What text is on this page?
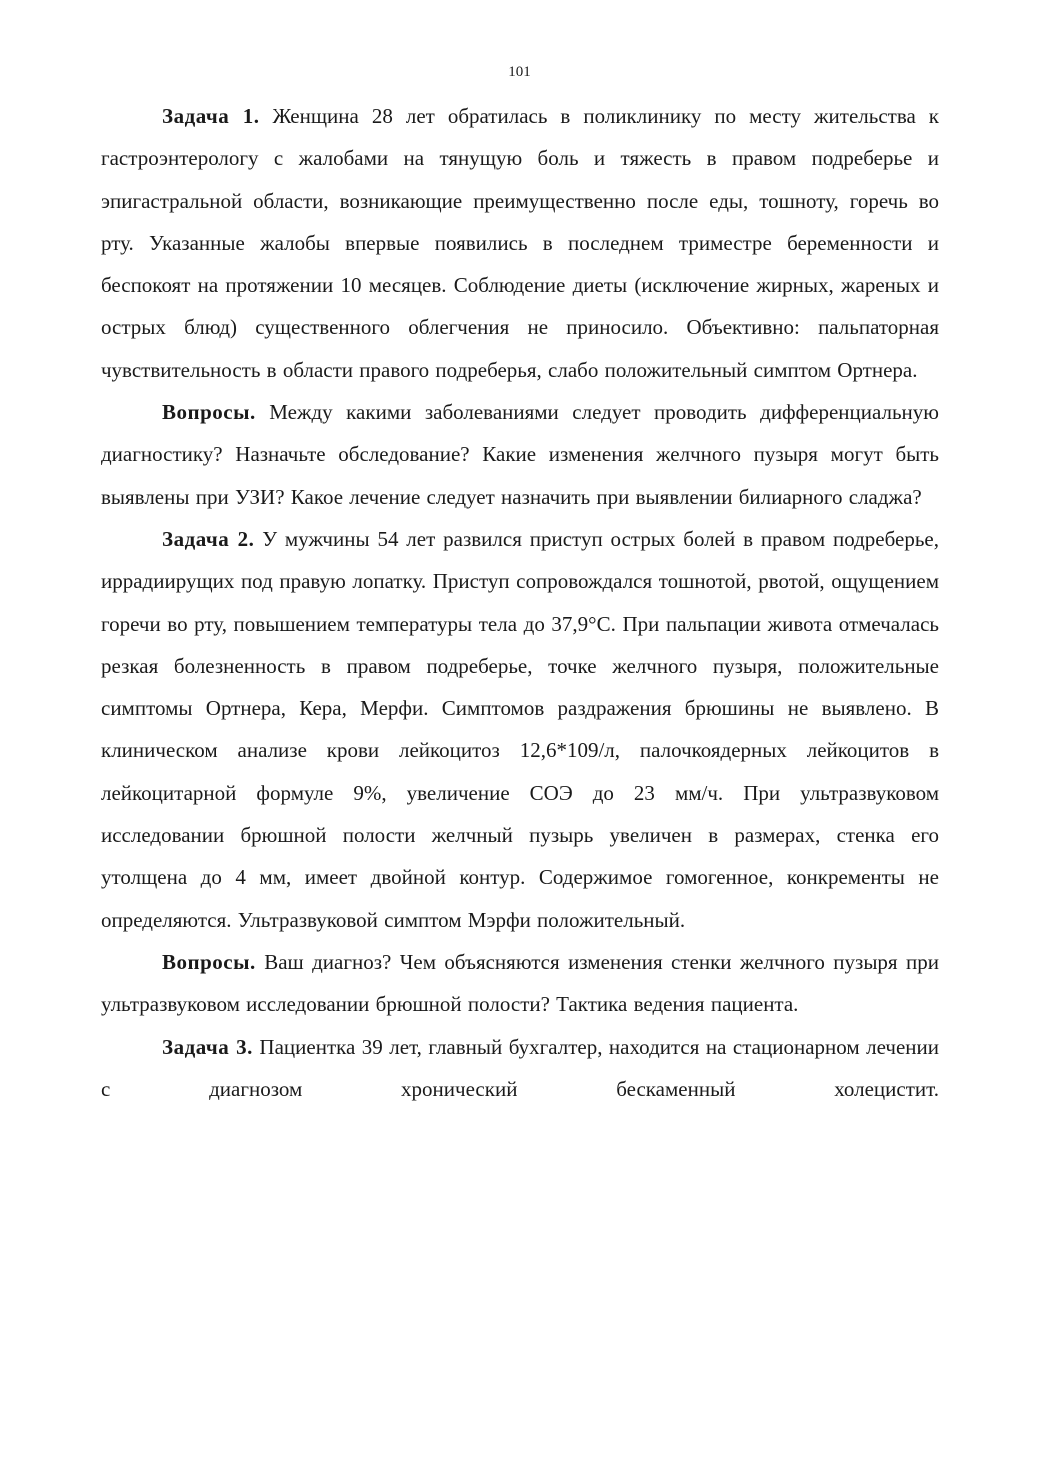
101

Задача 1. Женщина 28 лет обратилась в поликлинику по месту жительства к гастроэнтерологу с жалобами на тянущую боль и тяжесть в правом подреберье и эпигастральной области, возникающие преимущественно после еды, тошноту, горечь во рту. Указанные жалобы впервые появились в последнем триместре беременности и беспокоят на протяжении 10 месяцев. Соблюдение диеты (исключение жирных, жареных и острых блюд) существенного облегчения не приносило. Объективно: пальпаторная чувствительность в области правого подреберья, слабо положительный симптом Ортнера.

Вопросы. Между какими заболеваниями следует проводить дифференциальную диагностику? Назначьте обследование? Какие изменения желчного пузыря могут быть выявлены при УЗИ? Какое лечение следует назначить при выявлении билиарного сладжа?

Задача 2. У мужчины 54 лет развился приступ острых болей в правом подреберье, иррадиирущих под правую лопатку. Приступ сопровождался тошнотой, рвотой, ощущением горечи во рту, повышением температуры тела до 37,9°С. При пальпации живота отмечалась резкая болезненность в правом подреберье, точке желчного пузыря, положительные симптомы Ортнера, Кера, Мерфи. Симптомов раздражения брюшины не выявлено. В клиническом анализе крови лейкоцитоз 12,6*109/л, палочкоядерных лейкоцитов в лейкоцитарной формуле 9%, увеличение СОЭ до 23 мм/ч. При ультразвуковом исследовании брюшной полости желчный пузырь увеличен в размерах, стенка его утолщена до 4 мм, имеет двойной контур. Содержимое гомогенное, конкременты не определяются. Ультразвуковой симптом Мэрфи положительный.

Вопросы. Ваш диагноз? Чем объясняются изменения стенки желчного пузыря при ультразвуковом исследовании брюшной полости? Тактика ведения пациента.

Задача 3. Пациентка 39 лет, главный бухгалтер, находится на стационарном лечении с диагнозом хронический бескаменный холецистит.
